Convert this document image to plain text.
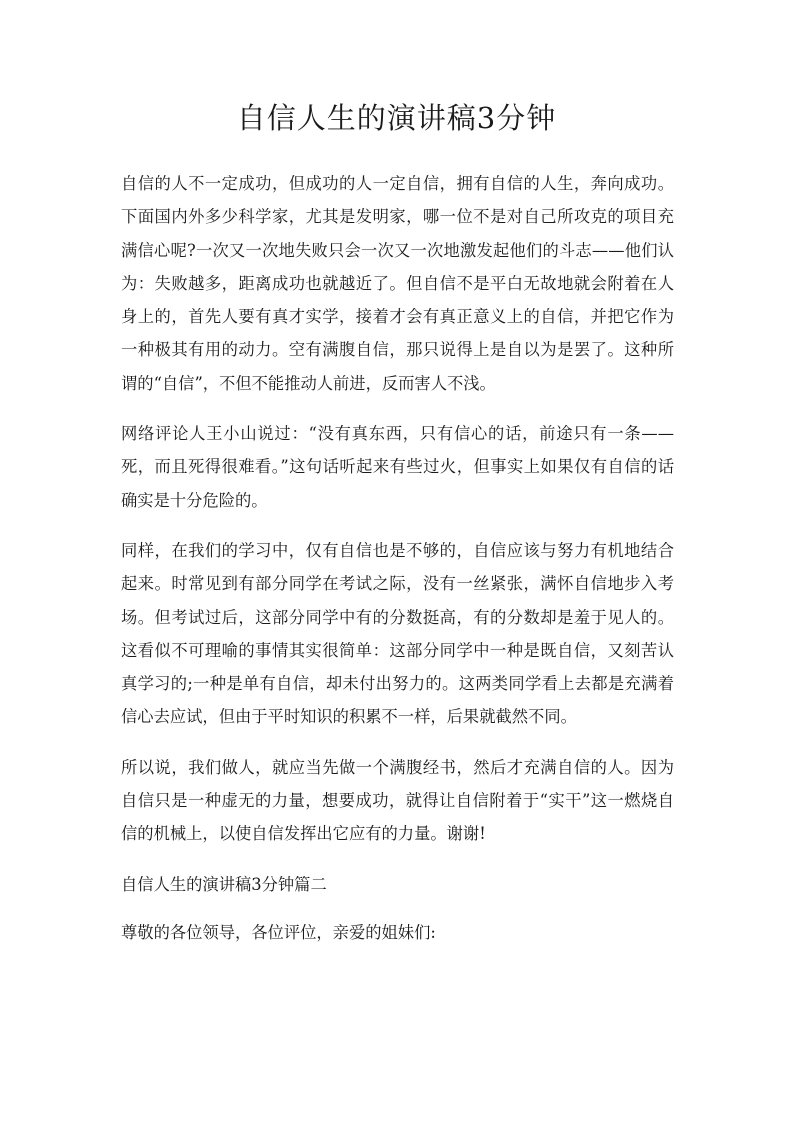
自信人生的演讲稿3分钟

自信的人不一定成功，但成功的人一定自信，拥有自信的人生，奔向成功。下面国内外多少科学家，尤其是发明家，哪一位不是对自己所攻克的项目充满信心呢?一次又一次地失败只会一次又一次地激发起他们的斗志——他们认为：失败越多，距离成功也就越近了。但自信不是平白无故地就会附着在人身上的，首先人要有真才实学，接着才会有真正意义上的自信，并把它作为一种极其有用的动力。空有满腹自信，那只说得上是自以为是罢了。这种所谓的“自信”，不但不能推动人前进，反而害人不浅。

网络评论人王小山说过：“没有真东西，只有信心的话，前途只有一条——死，而且死得很难看。”这句话听起来有些过火，但事实上如果仅有自信的话确实是十分危险的。

同样，在我们的学习中，仅有自信也是不够的，自信应该与努力有机地结合起来。时常见到有部分同学在考试之际，没有一丝紧张，满怀自信地步入考场。但考试过后，这部分同学中有的分数挺高，有的分数却是羞于见人的。这看似不可理喻的事情其实很简单：这部分同学中一种是既自信，又刻苦认真学习的;一种是单有自信，却未付出努力的。这两类同学看上去都是充满着信心去应试，但由于平时知识的积累不一样，后果就截然不同。

所以说，我们做人，就应当先做一个满腹经书，然后才充满自信的人。因为自信只是一种虚无的力量，想要成功，就得让自信附着于“实干”这一燃烧自信的机械上，以使自信发挥出它应有的力量。谢谢!

自信人生的演讲稿3分钟篇二

尊敬的各位领导，各位评位，亲爱的姐妹们:
